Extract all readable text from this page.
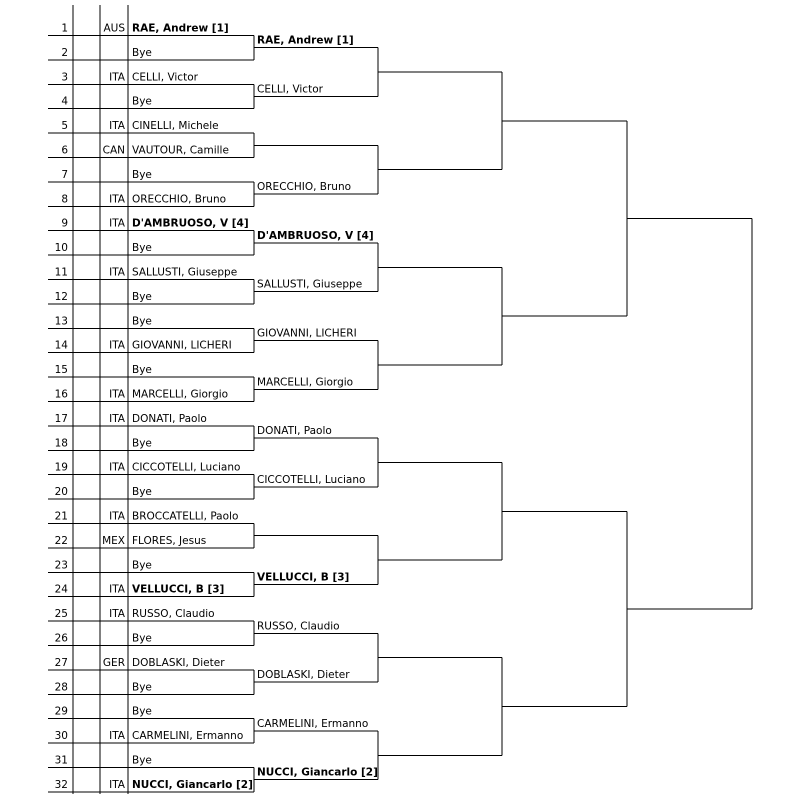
1	AUS RAE, Andrew [1]
2	Bye
3	ITA CELLI, Victor
4	Bye
5	ITA CINELLI, Michele
6	CAN VAUTOUR, Camille
7	Bye
8	ITA ORECCHIO, Bruno
9	ITA D'AMBRUOSO, V [4]
10	Bye
11	ITA SALLUSTI, Giuseppe
12	Bye
13	Bye
14	ITA GIOVANNI, LICHERI
15	Bye
16	ITA MARCELLI, Giorgio
17	ITA DONATI, Paolo
18	Bye
19	ITA CICCOTELLI, Luciano
20	Bye
21	ITA BROCCATELLI, Paolo
22	MEX FLORES, Jesus
23	Bye
24	ITA VELLUCCI, B [3]
25	ITA RUSSO, Claudio
26	Bye
27	GER DOBLASKI, Dieter
28	Bye
29	Bye
30	ITA CARMELINI, Ermanno
31	Bye
32	ITA NUCCI, Giancarlo [2]
RAE, Andrew [1]
CELLI, Victor
ORECCHIO, Bruno
D'AMBRUOSO, V [4]
SALLUSTI, Giuseppe
GIOVANNI, LICHERI
MARCELLI, Giorgio
DONATI, Paolo
CICCOTELLI, Luciano
VELLUCCI, B [3]
RUSSO, Claudio
DOBLASKI, Dieter
CARMELINI, Ermanno
NUCCI, Giancarlo [2]
